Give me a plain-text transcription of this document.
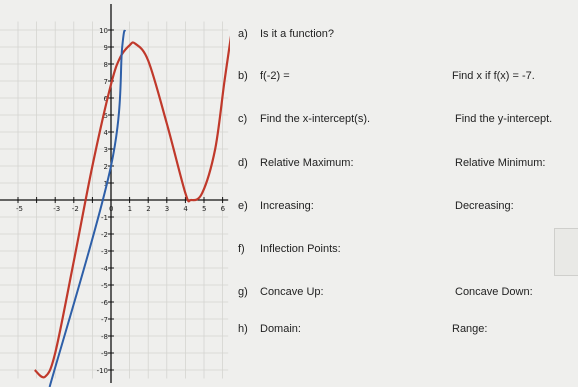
-5	-3 -2	0 1 2 3 4 5 6
10
9
8
7
6
5
4
3
2
1
-1
-2
-3
-4
-5
-6
-7
-8
-9
-10
a) Is it a function?
b) f(-2) =
c) Find the x-intercept(s).
d) Relative Maximum:
e) Increasing:
f) Inflection Points:
g) Concave Up:
h) Domain:
Find x if f(x) = -7.
Find the y-intercept.
Relative Minimum:
Decreasing:
Concave Down:
Range:
